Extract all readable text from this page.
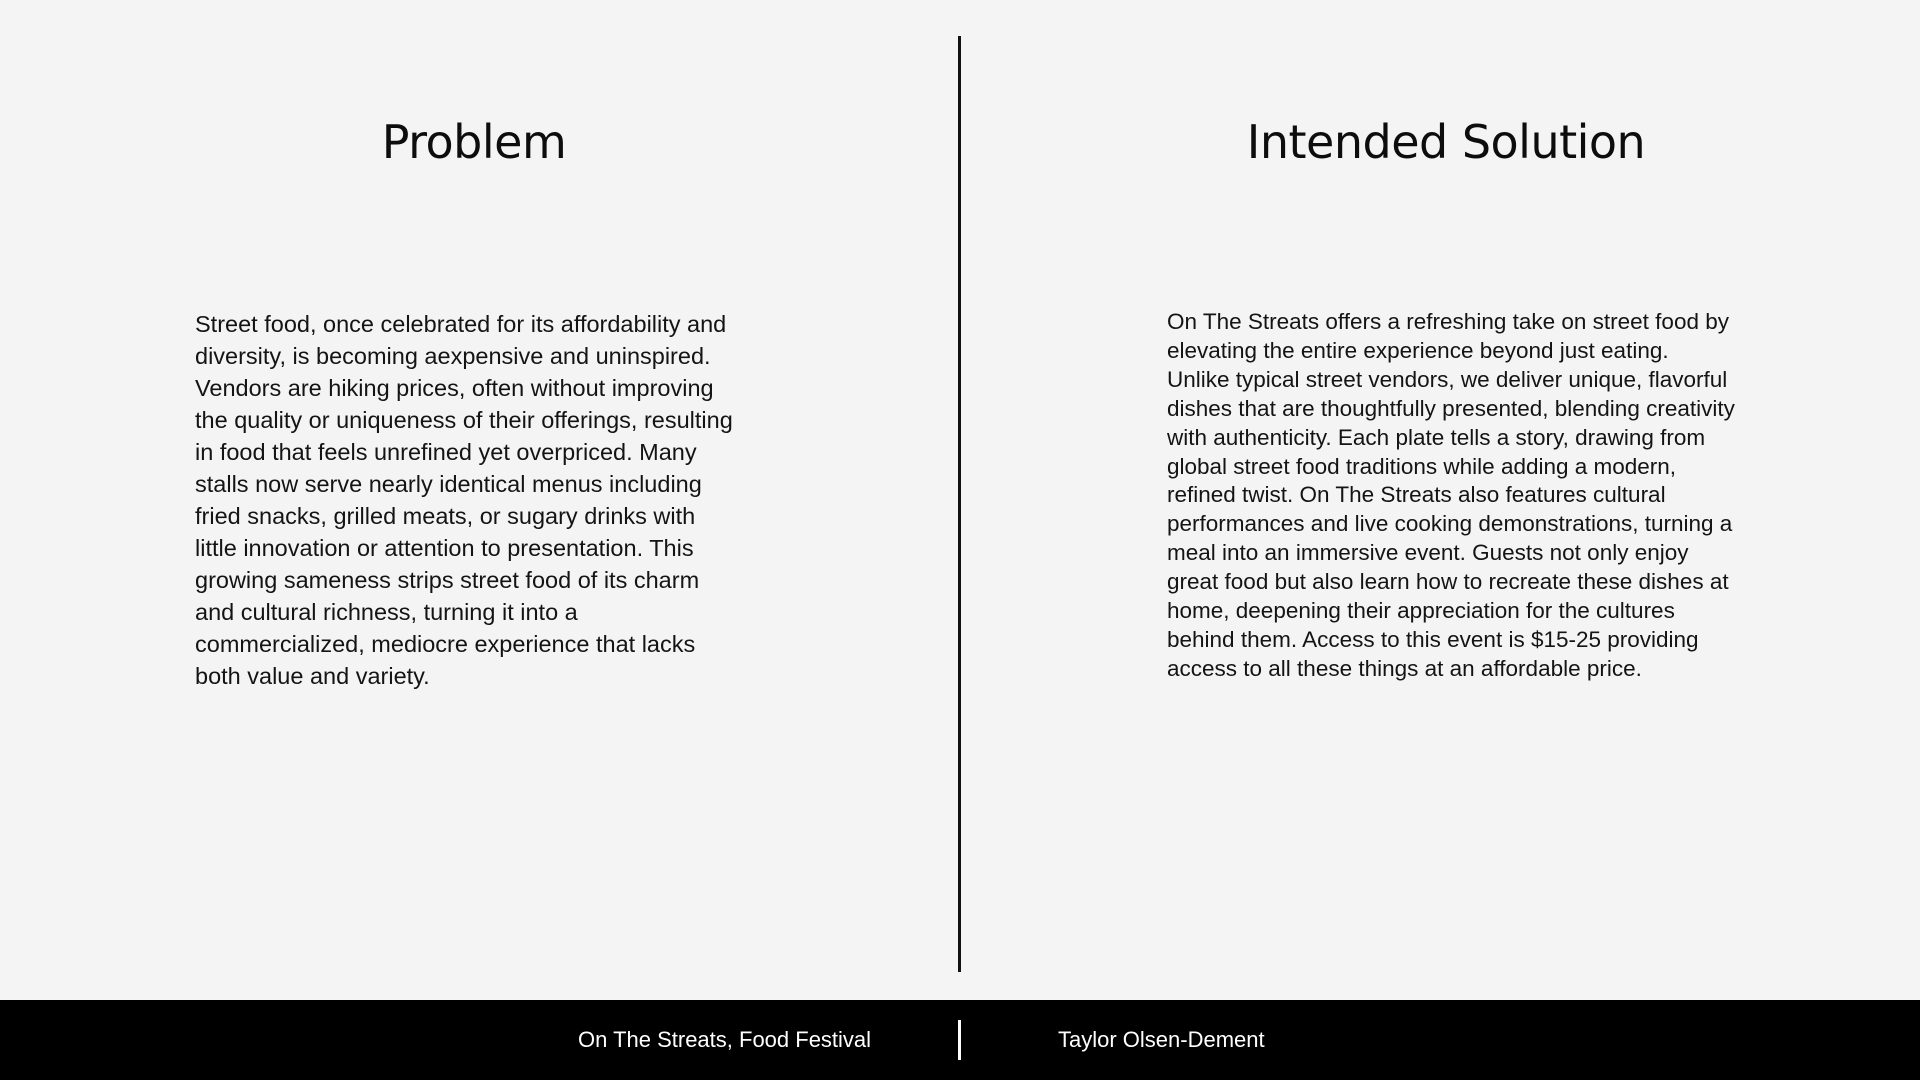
Problem

Street food, once celebrated for its affordability and diversity, is becoming aexpensive and uninspired. Vendors are hiking prices, often without improving the quality or uniqueness of their offerings, resulting in food that feels unrefined yet overpriced. Many stalls now serve nearly identical menus including fried snacks, grilled meats, or sugary drinks with little innovation or attention to presentation. This growing sameness strips street food of its charm and cultural richness, turning it into a commercialized, mediocre experience that lacks both value and variety.

Intended Solution

On The Streats offers a refreshing take on street food by elevating the entire experience beyond just eating. Unlike typical street vendors, we deliver unique, flavorful dishes that are thoughtfully presented, blending creativity with authenticity. Each plate tells a story, drawing from global street food traditions while adding a modern, refined twist. On The Streats also features cultural performances and live cooking demonstrations, turning a meal into an immersive event. Guests not only enjoy great food but also learn how to recreate these dishes at home, deepening their appreciation for the cultures behind them. Access to this event is $15-25 providing access to all these things at an affordable price.

On The Streats, Food Festival	Taylor Olsen-Dement
